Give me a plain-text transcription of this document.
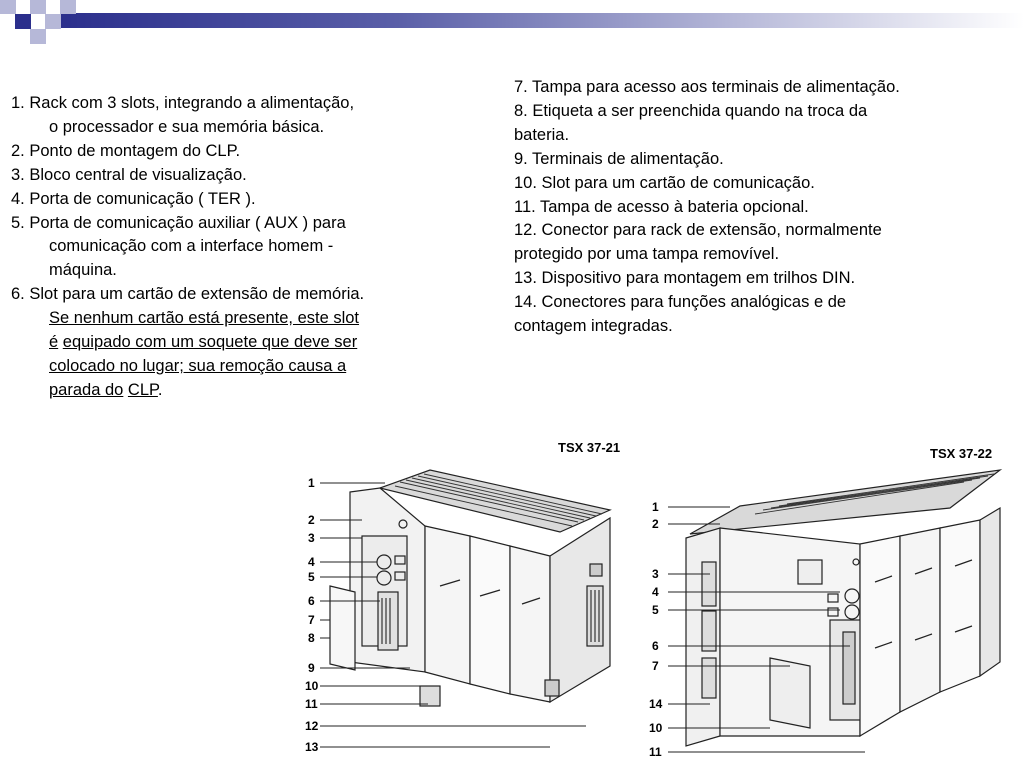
1. Rack com 3 slots, integrando a alimentação,
o processador e sua memória básica.
2. Ponto de montagem do CLP.
3. Bloco central de visualização.
4. Porta de comunicação ( TER ).
5. Porta de comunicação auxiliar ( AUX ) para
comunicação com a interface homem -
máquina.
6. Slot para um cartão de extensão de memória.
Se nenhum cartão está presente, este slot
é equipado com um soquete que deve ser
colocado no lugar; sua remoção causa a
parada do CLP.
7. Tampa para acesso aos terminais de alimentação.
8. Etiqueta a ser preenchida quando na troca da
bateria.
9. Terminais de alimentação.
10. Slot para um cartão de comunicação.
11. Tampa de acesso à bateria opcional.
12. Conector para rack de extensão, normalmente
protegido por uma tampa removível.
13. Dispositivo para montagem em trilhos DIN.
14. Conectores para funções analógicas e de
contagem integradas.
TSX 37-21	TSX 37-22
1
2
3
4
5
6
7
8
9
10
11
12
13
1
2
3
4
5
6
7
14
10
11
